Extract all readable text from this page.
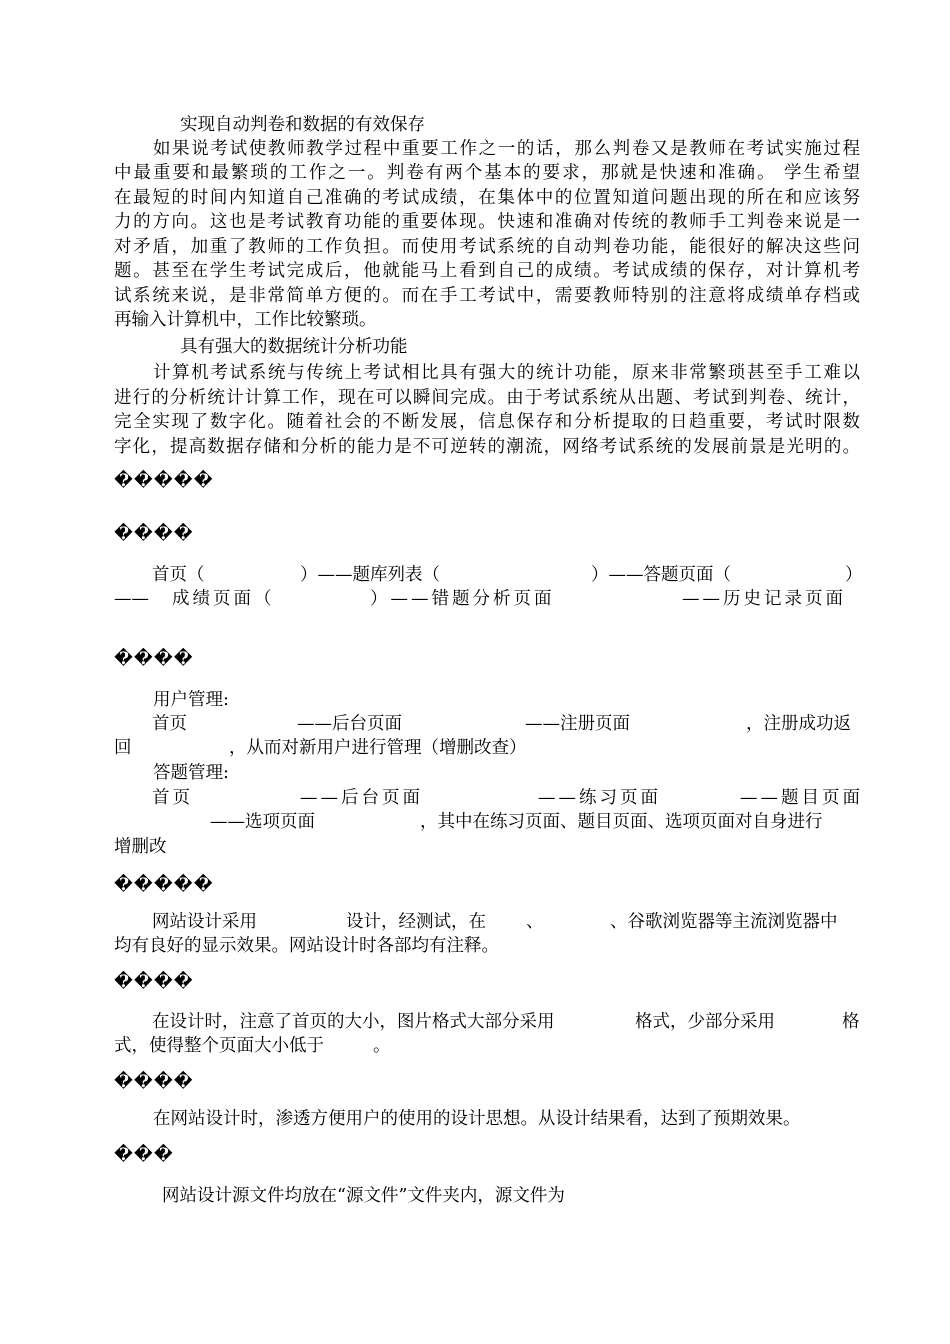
实现自动判卷和数据的有效保存
如果说考试使教师教学过程中重要工作之一的话，那么判卷又是教师在考试实施过程
中最重要和最繁琐的工作之一。判卷有两个基本的要求，那就是快速和准确。 学生希望
在最短的时间内知道自己准确的考试成绩，在集体中的位置知道问题出现的所在和应该努
力的方向。这也是考试教育功能的重要体现。快速和准确对传统的教师手工判卷来说是一
对矛盾，加重了教师的工作负担。而使用考试系统的自动判卷功能，能很好的解决这些问
题。甚至在学生考试完成后，他就能马上看到自己的成绩。考试成绩的保存，对计算机考
试系统来说，是非常简单方便的。而在手工考试中，需要教师特别的注意将成绩单存档或
再输入计算机中，工作比较繁琐。
具有强大的数据统计分析功能
计算机考试系统与传统上考试相比具有强大的统计功能，原来非常繁琐甚至手工难以
进行的分析统计计算工作，现在可以瞬间完成。由于考试系统从出题、考试到判卷、统计，
完全实现了数字化。随着社会的不断发展，信息保存和分析提取的日趋重要，考试时限数
字化，提高数据存储和分析的能力是不可逆转的潮流，网络考试系统的发展前景是光明的。
�����
����
首页（	）——题库列表（	）——答题页面（	）
—— 成绩页面（	）——错题分析页面	——历史记录页面
����
用户管理:
首页	——后台页面	——注册页面	，注册成功返
回	，从而对新用户进行管理（增删改查）
答题管理:
首页	——后台页面	——练习页面	——题目页面
——选项页面	，其中在练习页面、题目页面、选项页面对自身进行
增删改
�����
网站设计采用	设计，经测试，在 、	、谷歌浏览器等主流浏览器中
均有良好的显示效果。网站设计时各部均有注释。
����
在设计时，注意了首页的大小，图片格式大部分采用	格式，少部分采用	格
式，使得整个页面大小低于	。
����
在网站设计时，渗透方便用户的使用的设计思想。从设计结果看，达到了预期效果。
���
网站设计源文件均放在“源文件”文件夹内，源文件为
